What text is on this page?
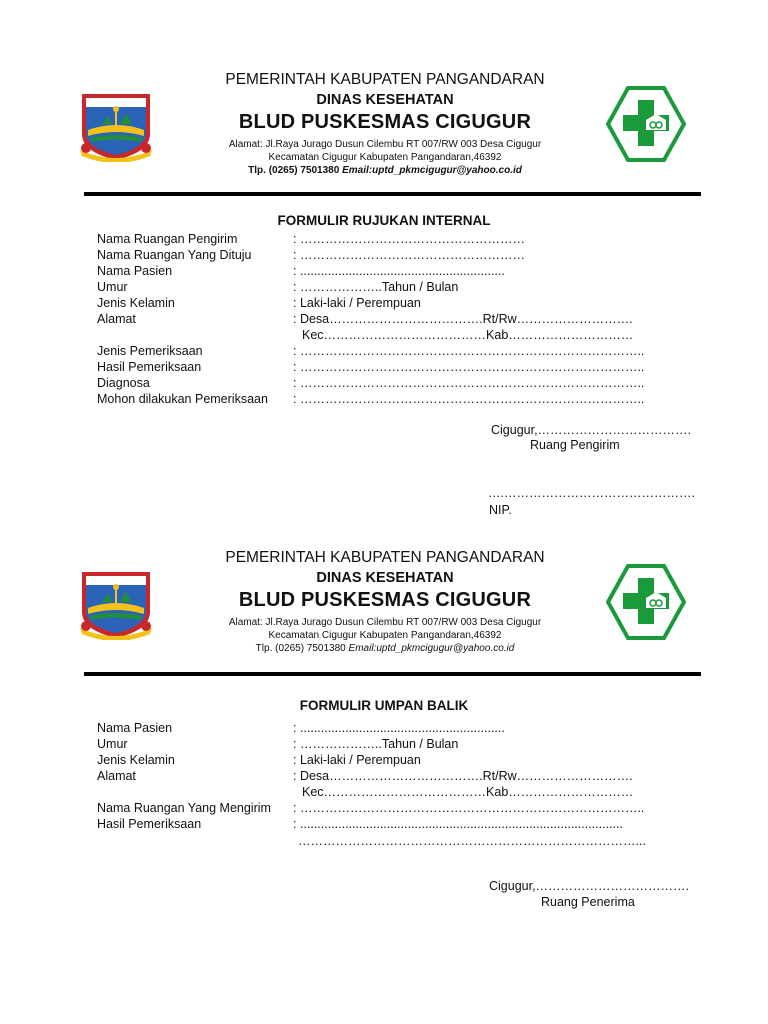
KAB. PANGANDARAN
PEMERINTAH KABUPATEN PANGANDARAN
DINAS KESEHATAN
BLUD PUSKESMAS CIGUGUR
Alamat: Jl.Raya Jurago Dusun Cilembu RT 007/RW 003 Desa Cigugur
Kecamatan Cigugur Kabupaten Pangandaran,46392
Tlp. (0265) 7501380 Email:uptd_pkmcigugur@yahoo.co.id
FORMULIR RUJUKAN INTERNAL
Nama Ruangan Pengirim	: ………………………………………………
Nama Ruangan Yang Dituju	: ………………………………………………
Nama Pasien	: ...........................................................
Umur	: ………………..Tahun / Bulan
Jenis Kelamin	: Laki-laki / Perempuan
Alamat	: Desa……………………………….Rt/Rw……………………….
Kec…………………………………Kab…………………………
Jenis Pemeriksaan	: ………………………………………………………………………..
Hasil Pemeriksaan	: ………………………………………………………………………..
Diagnosa	: ………………………………………………………………………..
Mohon dilakukan Pemeriksaan : ………………………………………………………………………..
Cigugur,……………………………….
Ruang Pengirim
….……………………………………….
NIP.
PEMERINTAH KABUPATEN PANGANDARAN
DINAS KESEHATAN
BLUD PUSKESMAS CIGUGUR
Alamat: Jl.Raya Jurago Dusun Cilembu RT 007/RW 003 Desa Cigugur
Kecamatan Cigugur Kabupaten Pangandaran,46392
Tlp. (0265) 7501380 Email:uptd_pkmcigugur@yahoo.co.id
FORMULIR UMPAN BALIK
Nama Pasien	: ...........................................................
Umur	: ………………..Tahun / Bulan
Jenis Kelamin	: Laki-laki / Perempuan
Alamat	: Desa……………………………….Rt/Rw……………………….
Kec…………………………………Kab…………………………
Nama Ruangan Yang Mengirim : ………………………………………………………………………..
Hasil Pemeriksaan	: .............................................................................................
………………………………………………………………………...
Cigugur,……………………………….
Ruang Penerima
